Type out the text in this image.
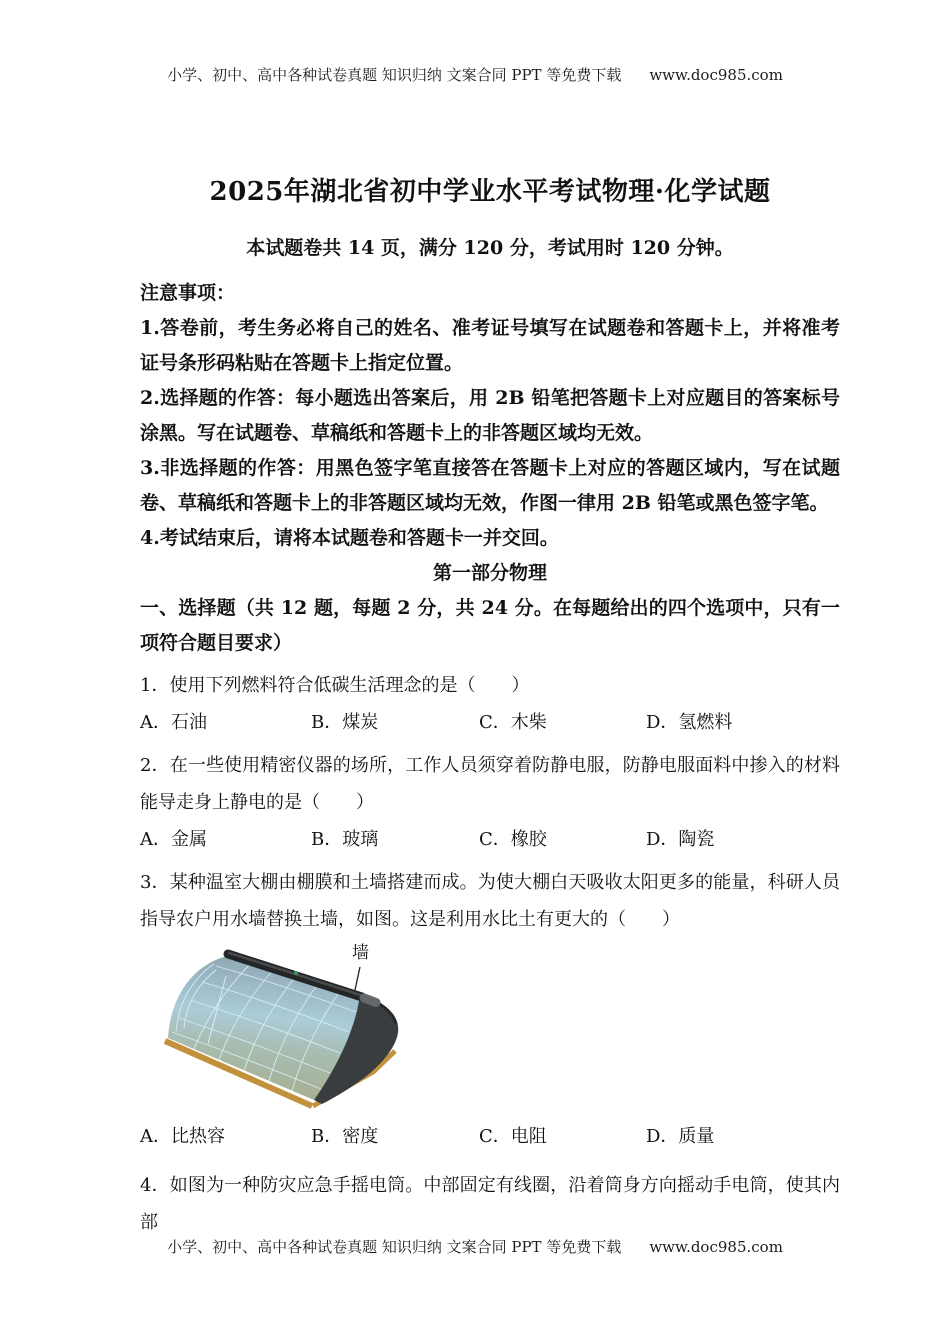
小学、初中、高中各种试卷真题 知识归纳 文案合同 PPT 等免费下载 www.doc985.com
2025年湖北省初中学业水平考试物理·化学试题
本试题卷共 14 页，满分 120 分，考试用时 120 分钟。
注意事项：

1.答卷前，考生务必将自己的姓名、准考证号填写在试题卷和答题卡上，并将准考证号条形码粘贴在答题卡上指定位置。

2.选择题的作答：每小题选出答案后，用 2B 铅笔把答题卡上对应题目的答案标号涂黑。写在试题卷、草稿纸和答题卡上的非答题区域均无效。

3.非选择题的作答：用黑色签字笔直接答在答题卡上对应的答题区域内，写在试题卷、草稿纸和答题卡上的非答题区域均无效，作图一律用 2B 铅笔或黑色签字笔。

4.考试结束后，请将本试题卷和答题卡一并交回。

第一部分物理

一、选择题（共 12 题，每题 2 分，共 24 分。在每题给出的四个选项中，只有一项符合题目要求）

1．使用下列燃料符合低碳生活理念的是（　　）

A．石油	B．煤炭	C．木柴	D．氢燃料

2．在一些使用精密仪器的场所，工作人员须穿着防静电服，防静电服面料中掺入的材料能导走身上静电的是（　　）

A．金属	B．玻璃	C．橡胶	D．陶瓷

3．某种温室大棚由棚膜和土墙搭建而成。为使大棚白天吸收太阳更多的能量，科研人员指导农户用水墙替换土墙，如图。这是利用水比土有更大的（　　）

墙
A．比热容	B．密度	C．电阻	D．质量

4．如图为一种防灾应急手摇电筒。中部固定有线圈，沿着筒身方向摇动手电筒，使其内部

小学、初中、高中各种试卷真题 知识归纳 文案合同 PPT 等免费下载 www.doc985.com
